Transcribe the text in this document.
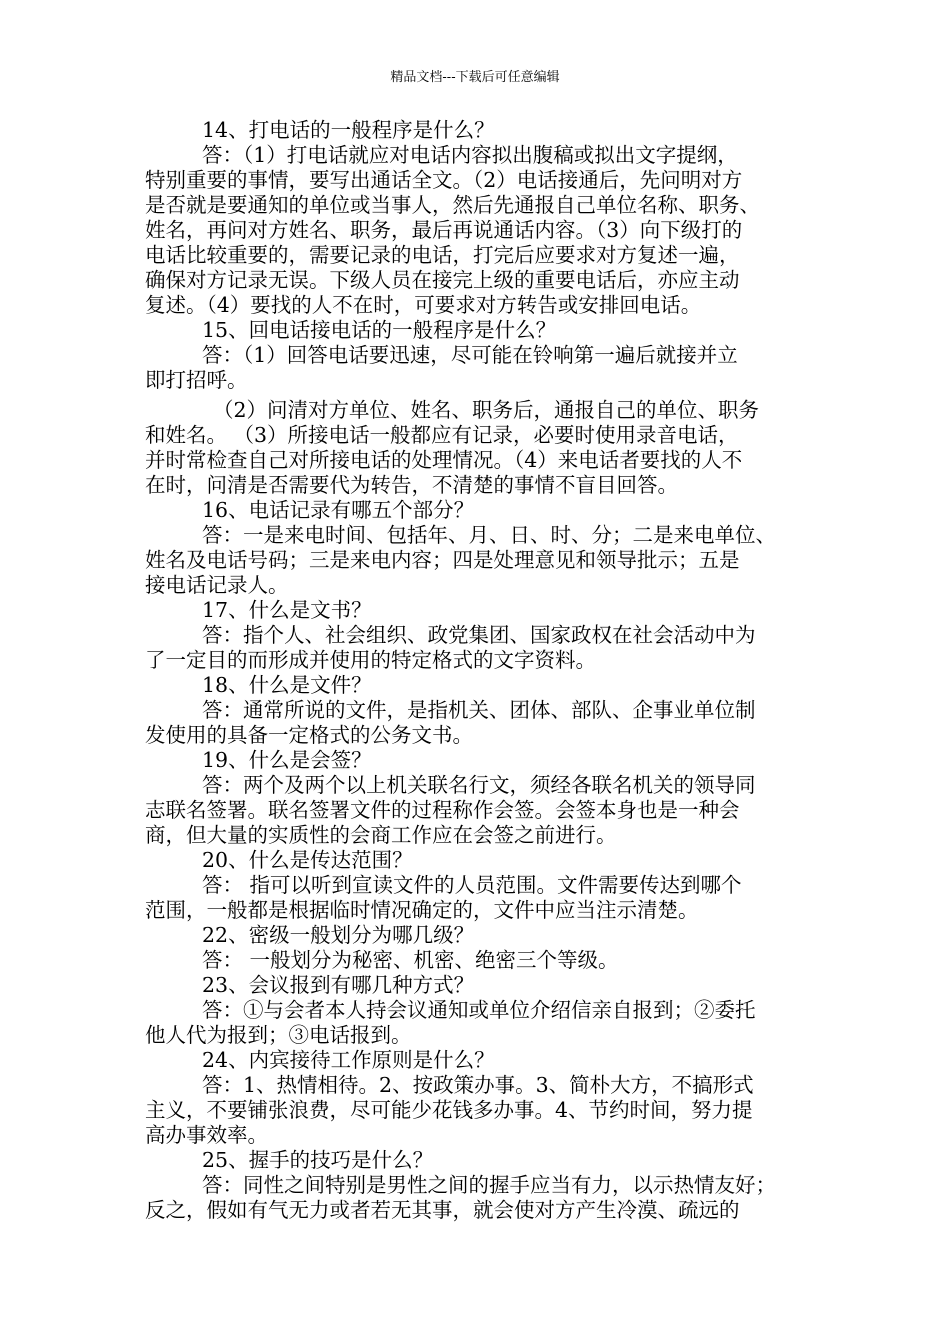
精品文档---下载后可任意编辑
14、打电话的一般程序是什么？
答：（1）打电话就应对电话内容拟出腹稿或拟出文字提纲，
特别重要的事情，要写出通话全文。（2）电话接通后，先问明对方
是否就是要通知的单位或当事人，然后先通报自己单位名称、职务、
姓名，再问对方姓名、职务，最后再说通话内容。（3）向下级打的
电话比较重要的，需要记录的电话，打完后应要求对方复述一遍，
确保对方记录无误。下级人员在接完上级的重要电话后，亦应主动
复述。（4）要找的人不在时，可要求对方转告或安排回电话。
15、回电话接电话的一般程序是什么？
答：（1）回答电话要迅速，尽可能在铃响第一遍后就接并立
即打招呼。
（2）问清对方单位、姓名、职务后，通报自己的单位、职务
和姓名。 （3）所接电话一般都应有记录，必要时使用录音电话，
并时常检查自己对所接电话的处理情况。（4）来电话者要找的人不
在时，问清是否需要代为转告，不清楚的事情不盲目回答。
16、电话记录有哪五个部分？
答：一是来电时间、包括年、月、日、时、分；二是来电单位、
姓名及电话号码；三是来电内容；四是处理意见和领导批示；五是
接电话记录人。
17、什么是文书？
答：指个人、社会组织、政党集团、国家政权在社会活动中为
了一定目的而形成并使用的特定格式的文字资料。
18、什么是文件？
答：通常所说的文件，是指机关、团体、部队、企事业单位制
发使用的具备一定格式的公务文书。
19、什么是会签？
答：两个及两个以上机关联名行文，须经各联名机关的领导同
志联名签署。联名签署文件的过程称作会签。会签本身也是一种会
商，但大量的实质性的会商工作应在会签之前进行。
20、什么是传达范围？
答： 指可以听到宣读文件的人员范围。文件需要传达到哪个
范围，一般都是根据临时情况确定的，文件中应当注示清楚。
22、密级一般划分为哪几级？
答： 一般划分为秘密、机密、绝密三个等级。
23、会议报到有哪几种方式？
答：①与会者本人持会议通知或单位介绍信亲自报到；②委托
他人代为报到；③电话报到。
24、内宾接待工作原则是什么？
答：1、热情相待。2、按政策办事。3、简朴大方，不搞形式
主义，不要铺张浪费，尽可能少花钱多办事。4、节约时间，努力提
高办事效率。
25、握手的技巧是什么？
答：同性之间特别是男性之间的握手应当有力，以示热情友好；
反之，假如有气无力或者若无其事，就会使对方产生冷漠、疏远的
